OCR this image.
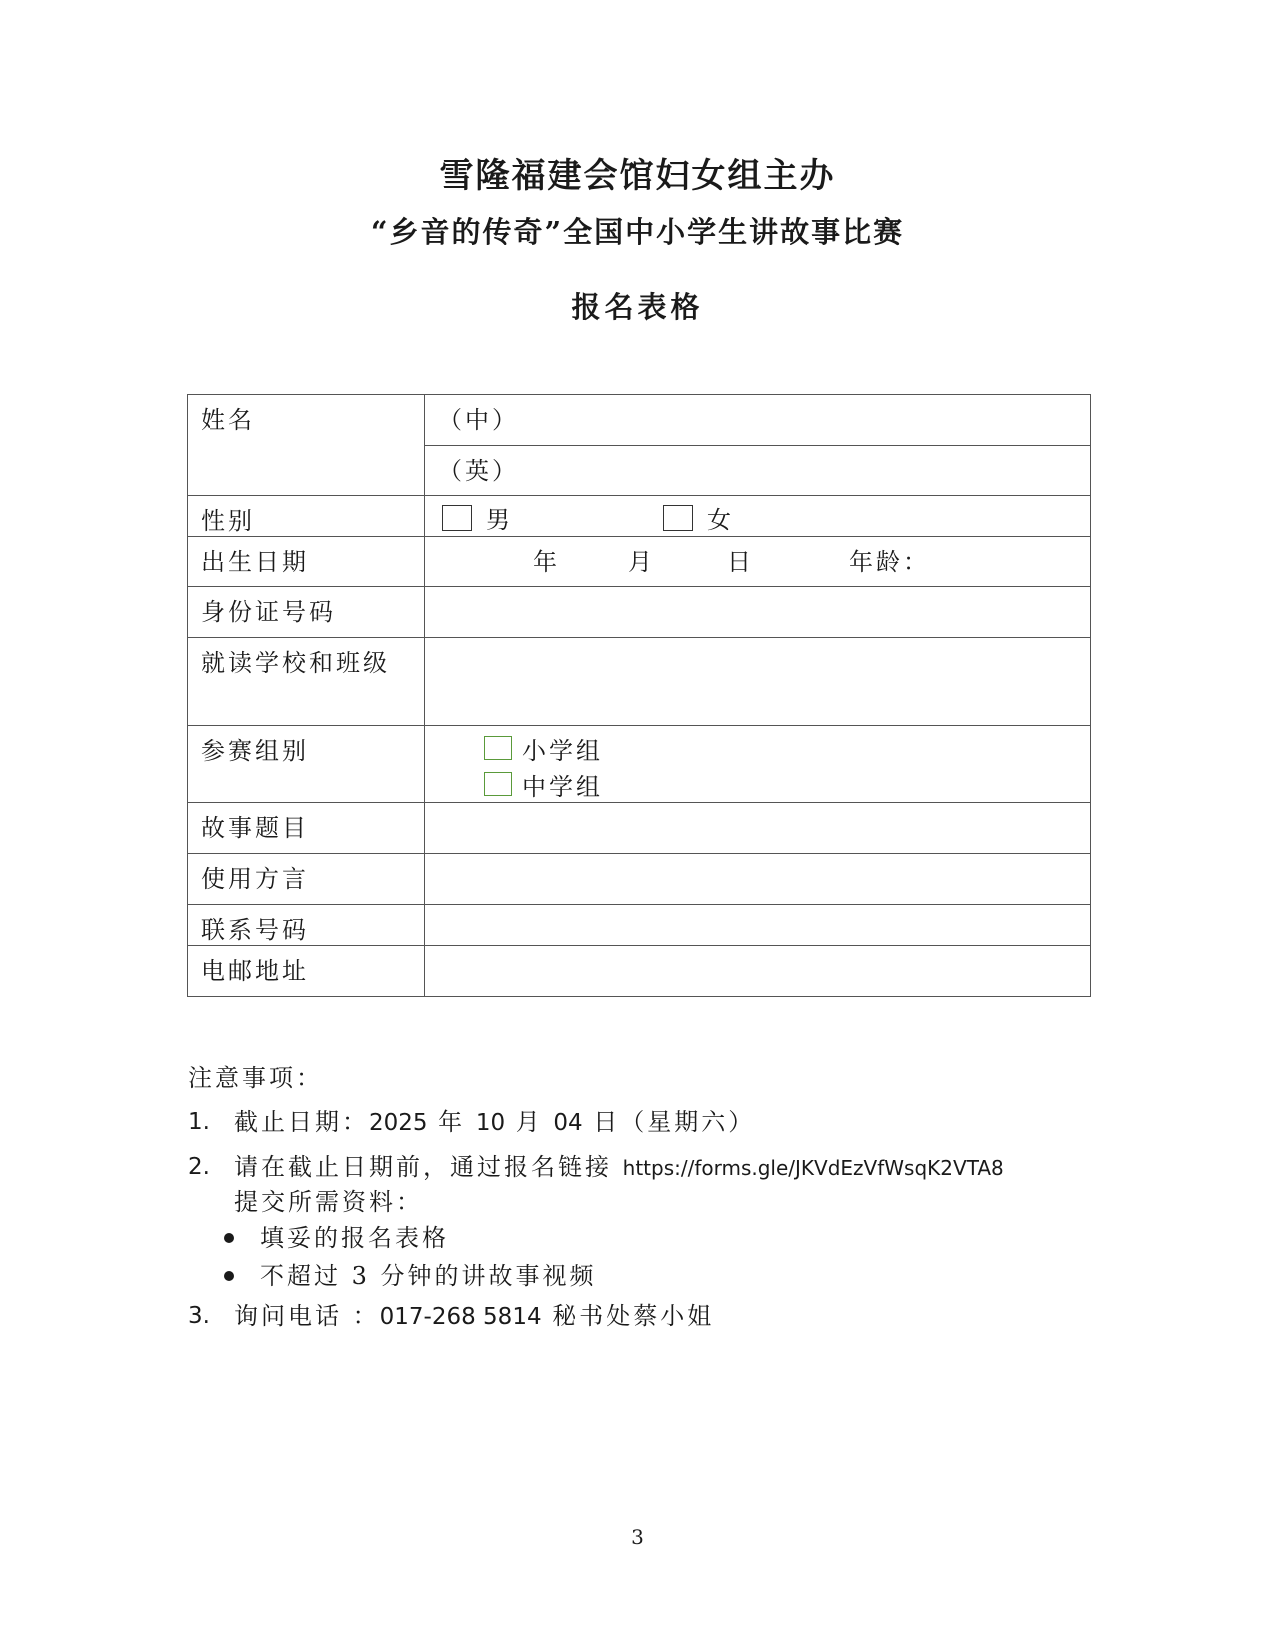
雪隆福建会馆妇女组主办
“乡音的传奇”全国中小学生讲故事比赛
报名表格
姓名	（中）
	（英）
性别	男 女

出生日期	年 月 日 年龄：

身份证号码	
就读学校和班级	
参赛组别	小学组
中学组

故事题目	
使用方言	
联系号码	
电邮地址	
注意事项：
1.	截止日期：2025 年 10 月 04 日（星期六）
2.	请在截止日期前，通过报名链接 https://forms.gle/JKVdEzVfWsqK2VTA8
提交所需资料：
填妥的报名表格
不超过 3 分钟的讲故事视频
3.	询问电话 ：017-268 5814 秘书处蔡小姐
3
